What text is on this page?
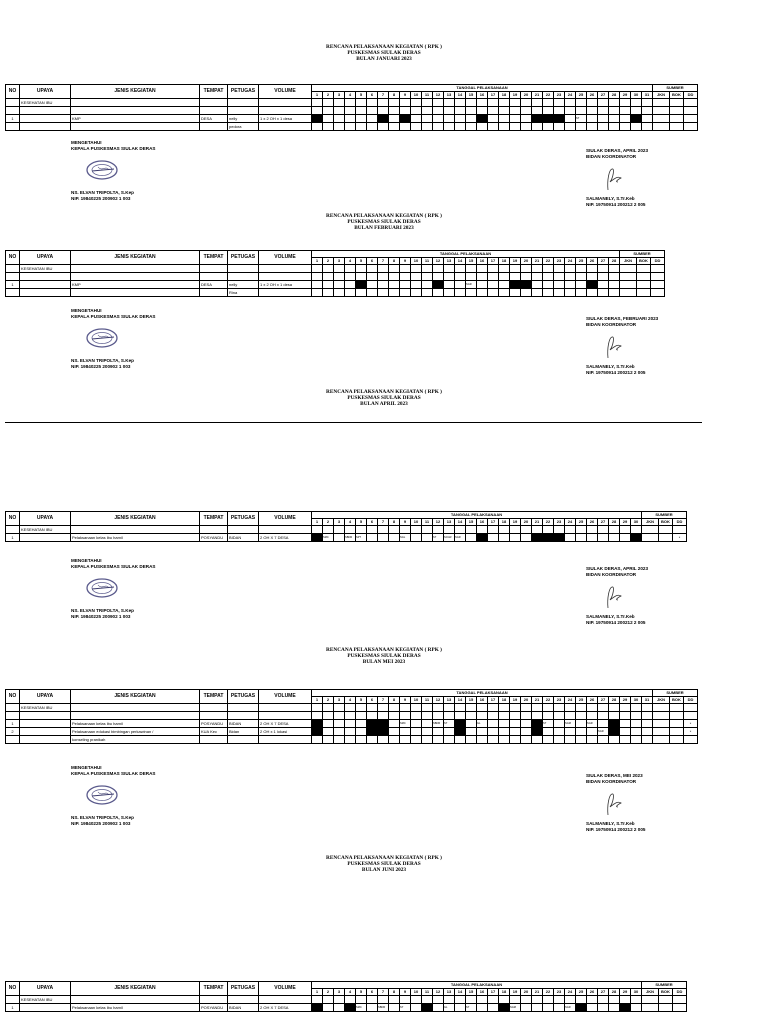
RENCANA PELAKSANAAN KEGIATAN ( RPK )
PUSKESMAS SIULAK DERAS
BULAN JANUARI 2023
NO	UPAYA	JENIS KEGIATAN	TEMPAT	PETUGAS	VOLUME	TANGGAL PELAKSANAAN																															SUMBER		
						1	2	3	4	5	6	7	8	9	10	11	12	13	14	15	16	17	18	19	20	21	22	23	24	25	26	27	28	29	30	31	JKN	BOK	DD
	KESEHATAN IBU																																						

1		KMP	DESA	nelly	1 x 2 OH x 1 desa																									ST									
				pedora																																			
MENGETAHUI
KEPALA PUSKESMAS SIULAK DERAS
NS. ELVAN TRIPOLTA, S.Kep
NIP. 19840225 200902 1 003
SIULAK DERAS, APRIL 2023
BIDAN KOORDINATOR
SALMANELY, S.Tr.Keb
NIP. 19750914 200212 2 005
RENCANA PELAKSANAAN KEGIATAN ( RPK )
PUSKESMAS SIULAK DERAS
BULAN FEBRUARI 2023
NO	UPAYA	JENIS KEGIATAN	TEMPAT	PETUGAS	VOLUME	TANGGAL PELAKSANAAN																												SUMBER		
						1	2	3	4	5	6	7	8	9	10	11	12	13	14	15	16	17	18	19	20	21	22	23	24	25	26	27	28	JKN	BOK	DD
	KESEHATAN IBU																																			

1		KMP	DESA	nelly	1 x 2 OH x 1 desa															SGR																
				Rina																																
MENGETAHUI
KEPALA PUSKESMAS SIULAK DERAS
NS. ELVAN TRIPOLTA, S.Kep
NIP. 19840225 200902 1 003
SIULAK DERAS, FEBRUARI 2023
BIDAN KOORDINATOR
SALMANELY, S.Tr.Keb
NIP. 19750914 200212 2 005
RENCANA PELAKSANAAN KEGIATAN ( RPK )
PUSKESMAS SIULAK DERAS
BULAN APRIL 2023
NO	UPAYA	JENIS KEGIATAN	TEMPAT	PETUGAS	VOLUME	TANGGAL PELAKSANAAN																														SUMBER		
						1	2	3	4	5	6	7	8	9	10	11	12	13	14	15	16	17	18	19	20	21	22	23	24	25	26	27	28	29	30	JKN	BOK	DD
	KESEHATAN IBU																																					
1		Pelaksanaan kelas ibu hamil	POSYANDU	BIDAN	2 OH X 7 DESA		SMC		SBDR	SPT				SGL			ST	SCGR	SGR																			*
MENGETAHUI
KEPALA PUSKESMAS SIULAK DERAS
NS. ELVAN TRIPOLTA, S.Kep
NIP. 19840225 200902 1 003
SIULAK DERAS, APRIL 2023
BIDAN KOORDINATOR
SALMANELY, S.Tr.Keb
NIP. 19750914 200212 2 005
RENCANA PELAKSANAAN KEGIATAN ( RPK )
PUSKESMAS SIULAK DERAS
BULAN MEI 2023
NO	UPAYA	JENIS KEGIATAN	TEMPAT	PETUGAS	VOLUME	TANGGAL PELAKSANAAN																															SUMBER		
						1	2	3	4	5	6	7	8	9	10	11	12	13	14	15	16	17	18	19	20	21	22	23	24	25	26	27	28	29	30	31	JKN	BOK	DD
	KESEHATAN IBU																																						

1		Pelaksanaan kelas ibu hamil	POSYANDU	BIDAN	2 OH X 7 DESA									SMC			SBDR	ST			GL						ST		SGM		SGR								*
2		Pelaksanaan edukasi bimbingan perkawinan /	KUA Kec	Bidan	2 OH x 1 lokasi																											SGR							*
		konseling pranikah																																					
MENGETAHUI
KEPALA PUSKESMAS SIULAK DERAS
NS. ELVAN TRIPOLTA, S.Kep
NIP. 19840225 200902 1 003
SIULAK DERAS, MEI 2023
BIDAN KOORDINATOR
SALMANELY, S.Tr.Keb
NIP. 19750914 200212 2 005
RENCANA PELAKSANAAN KEGIATAN ( RPK )
PUSKESMAS SIULAK DERAS
BULAN JUNI 2023
NO	UPAYA	JENIS KEGIATAN	TEMPAT	PETUGAS	VOLUME	TANGGAL PELAKSANAAN																														SUMBER		
						1	2	3	4	5	6	7	8	9	10	11	12	13	14	15	16	17	18	19	20	21	22	23	24	25	26	27	28	29	30	JKN	BOK	DD
	KESEHATAN IBU																																					
1		Pelaksanaan kelas ibu hamil	POSYANDU	BIDAN	2 OH X 7 DESA					SMC		SBDR		ST				GL		ST				SGM					SGR									
